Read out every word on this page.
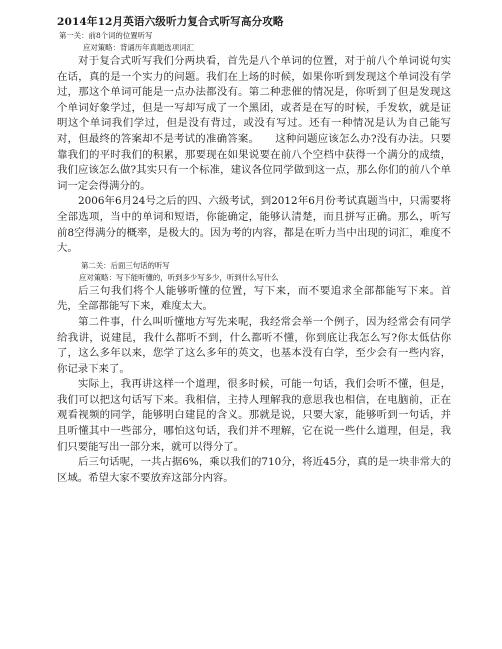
2014年12月英语六级听力复合式听写高分攻略

第一关：前8个词的位置听写

应对策略：背诵历年真题选项词汇

对于复合式听写我们分两块看，首先是八个单词的位置，对于前八个单词说句实在话，真的是一个实力的问题。我们在上场的时候，如果你听到发现这个单词没有学过，那这个单词可能是一点办法都没有。第二种悲催的情况是，你听到了但是发现这个单词好象学过，但是一写却写成了一个黑团，或者是在写的时候，手发软，就是证明这个单词我们学过，但是没有背过，或没有写过。还有一种情况是认为自己能写对，但最终的答案却不是考试的准确答案。　　这种问题应该怎么办?没有办法。只要靠我们的平时我们的积累，那要现在如果说要在前八个空档中获得一个满分的成绩，我们应该怎么做?其实只有一个标准，建议各位同学做到这一点，那么你们的前八个单词一定会得满分的。

2006年6月24号之后的四、六级考试，到2012年6月份考试真题当中，只需要将全部选项，当中的单词和短语，你能确定，能够认清楚，而且拼写正确。那么，听写前8空得满分的概率，是极大的。因为考的内容，都是在听力当中出现的词汇，难度不大。

第二关：后面三句话的听写

应对策略：写下能听懂的，听到多少写多少，听到什么写什么

后三句我们将个人能够听懂的位置，写下来，而不要追求全部都能写下来。首先，全部都能写下来，难度太大。

第二件事，什么叫听懂地方写先来呢，我经常会举一个例子，因为经常会有同学给我讲，说建昆，我什么都听不到，什么都听不懂，你到底让我怎么写?你太低估你了，这么多年以来，您学了这么多年的英文，也基本没有白学，至少会有一些内容，你记录下来了。

实际上，我再讲这样一个道理，很多时候，可能一句话，我们会听不懂，但是，我们可以把这句话写下来。我相信，主持人理解我的意思我也相信，在电脑前，正在观看视频的同学，能够明白建昆的含义。那就是说，只要大家，能够听到一句话，并且听懂其中一些部分，哪怕这句话，我们并不理解，它在说一些什么道理，但是，我们只要能写出一部分来，就可以得分了。

后三句话呢，一共占据6%，乘以我们的710分，将近45分，真的是一块非常大的区域。希望大家不要放弃这部分内容。
